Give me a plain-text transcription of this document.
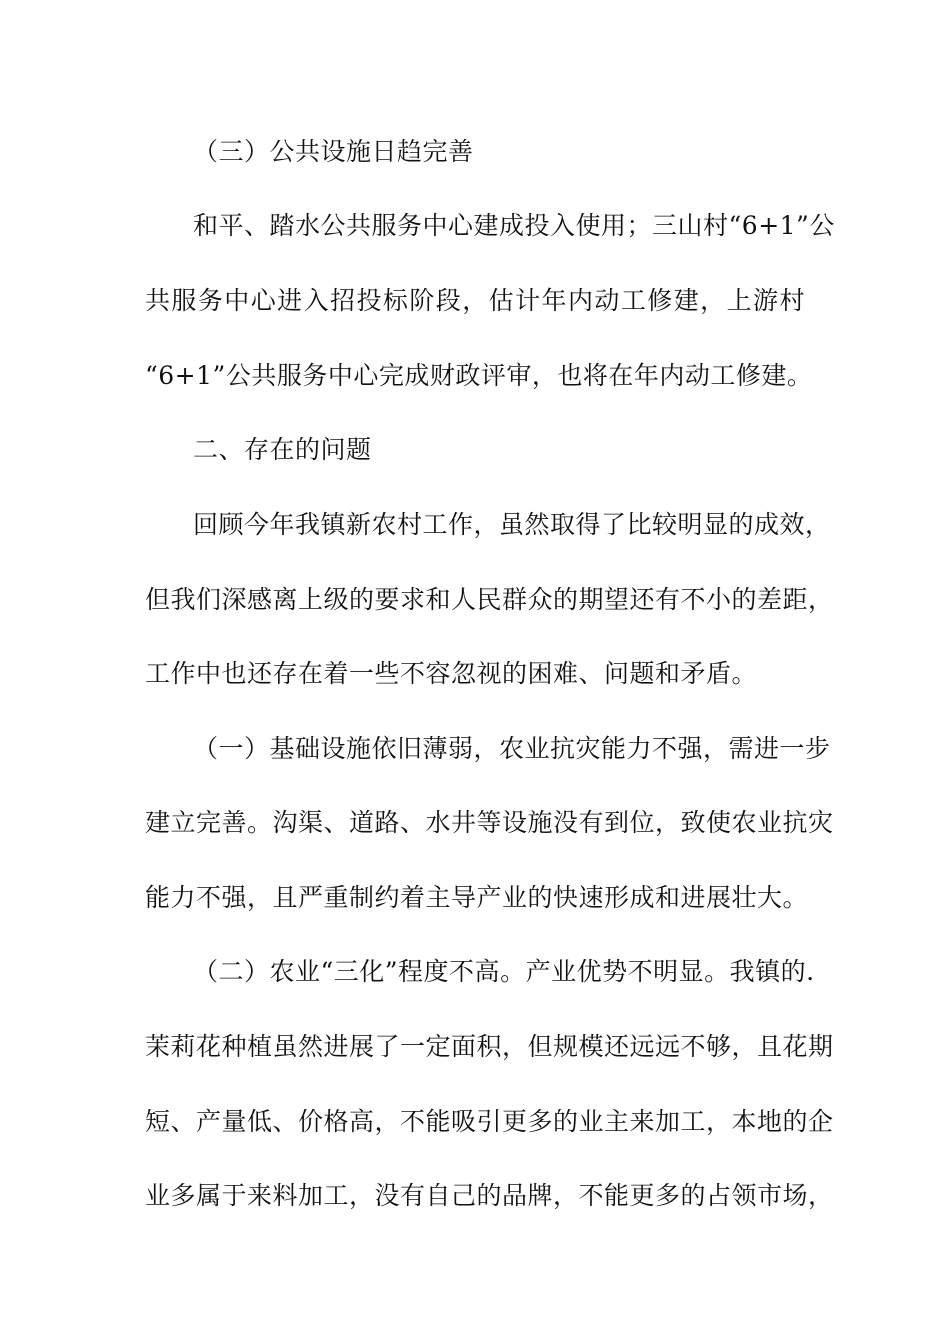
（三）公共设施日趋完善
和平、踏水公共服务中心建成投入使用；三山村“6+1”公
共服务中心进入招投标阶段，估计年内动工修建，上游村
“6+1”公共服务中心完成财政评审，也将在年内动工修建。
二、存在的问题
回顾今年我镇新农村工作，虽然取得了比较明显的成效，
但我们深感离上级的要求和人民群众的期望还有不小的差距，
工作中也还存在着一些不容忽视的困难、问题和矛盾。
（一）基础设施依旧薄弱，农业抗灾能力不强，需进一步
建立完善。沟渠、道路、水井等设施没有到位，致使农业抗灾
能力不强，且严重制约着主导产业的快速形成和进展壮大。
（二）农业“三化”程度不高。产业优势不明显。我镇的.
茉莉花种植虽然进展了一定面积，但规模还远远不够，且花期
短、产量低、价格高，不能吸引更多的业主来加工，本地的企
业多属于来料加工，没有自己的品牌，不能更多的占领市场，
